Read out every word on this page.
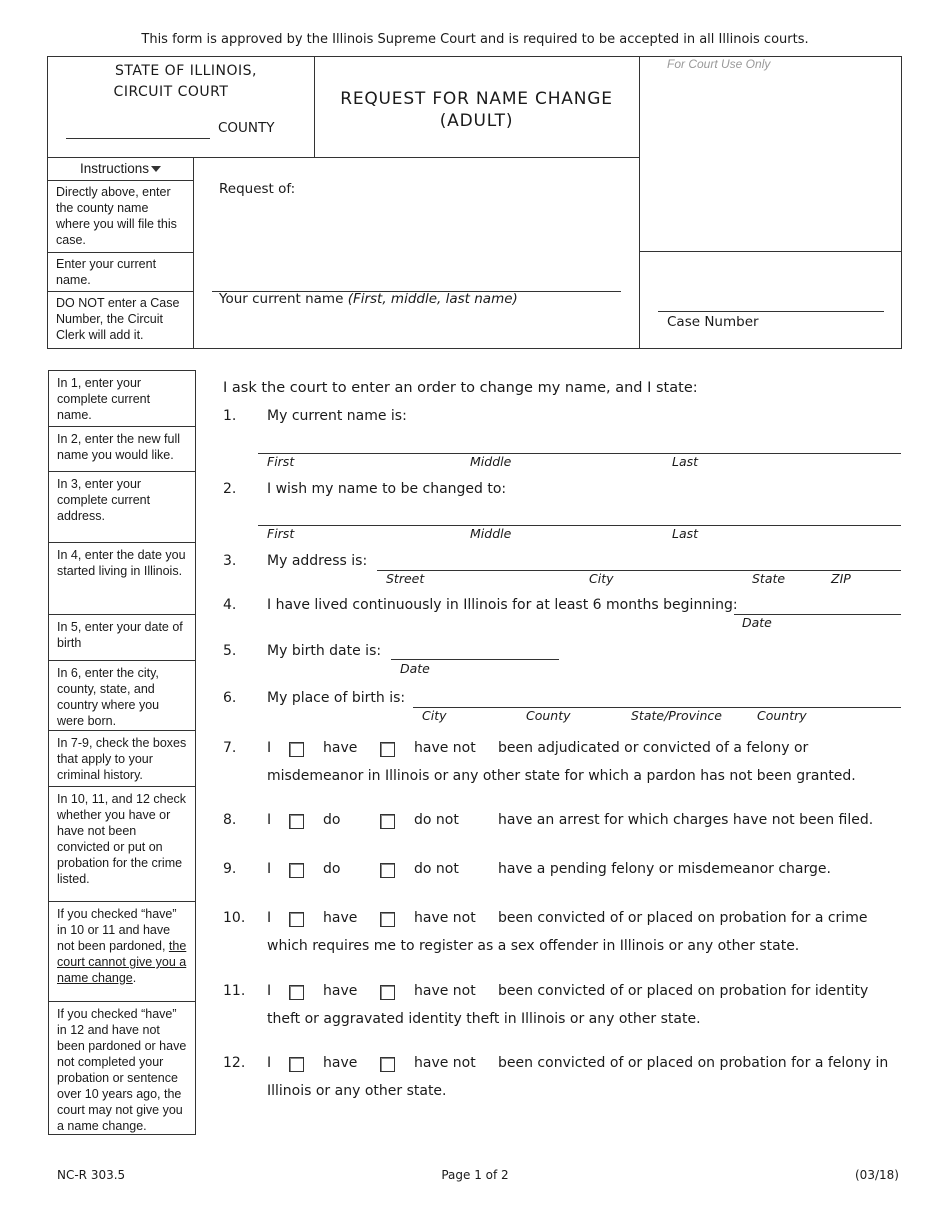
This form is approved by the Illinois Supreme Court and is required to be accepted in all Illinois courts.
STATE OF ILLINOIS,
CIRCUIT COURT
COUNTY
REQUEST FOR NAME CHANGE
(ADULT)
For Court Use Only
Instructions
Directly above, enter the county name where you will file this case.
Enter your current name.
DO NOT enter a Case Number, the Circuit Clerk will add it.
Request of:
Your current name (First, middle, last name)
Case Number
In 1, enter your complete current name.
In 2, enter the new full name you would like.
In 3, enter your complete current address.
In 4, enter the date you started living in Illinois.
In 5, enter your date of birth
In 6, enter the city, county, state, and country where you were born.
In 7-9, check the boxes that apply to your criminal history.
In 10, 11, and 12 check whether you have or have not been convicted or put on probation for the crime listed.
If you checked “have” in 10 or 11 and have not been pardoned, the court cannot give you a name change.
If you checked “have” in 12 and have not been pardoned or have not completed your probation or sentence over 10 years ago, the court may not give you a name change.
I ask the court to enter an order to change my name, and I state:
1. My current name is:
First	Middle	Last
2. I wish my name to be changed to:
First	Middle	Last
3. My address is:
Street	City	State	ZIP
4. I have lived continuously in Illinois for at least 6 months beginning:
Date
5. My birth date is:
Date
6. My place of birth is:
City	County	State/Province	Country
7. I	have	have not been adjudicated or convicted of a felony or
misdemeanor in Illinois or any other state for which a pardon has not been granted.
8. I	do	do not	have an arrest for which charges have not been filed.
9. I	do	do not	have a pending felony or misdemeanor charge.
10. I	have	have not been convicted of or placed on probation for a crime
which requires me to register as a sex offender in Illinois or any other state.
11. I	have	have not been convicted of or placed on probation for identity
theft or aggravated identity theft in Illinois or any other state.
12. I	have	have not been convicted of or placed on probation for a felony in
Illinois or any other state.
NC-R 303.5	Page 1 of 2	(03/18)
